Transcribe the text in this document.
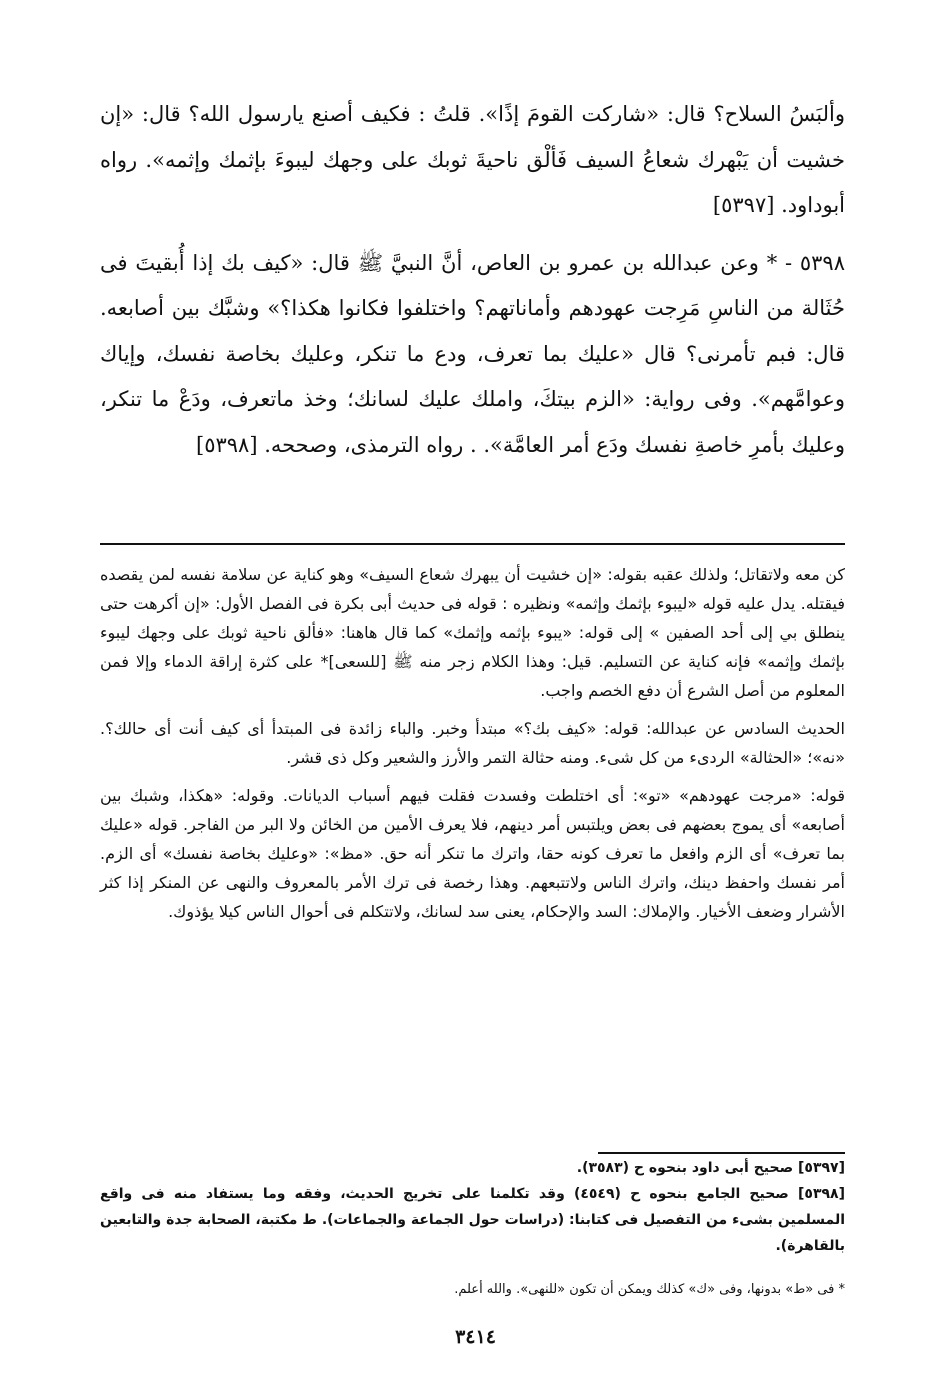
وألبَسُ السلاح؟ قال: «شاركت القومَ إذًا». قلتُ : فكيف أصنع يارسول الله؟ قال: «إن خشيت أن يَبْهرك شعاعُ السيف فَألْق ناحيةَ ثوبك على وجهك ليبوءَ بإثمك وإثمه». رواه أبوداود. [٥٣٩٧]

٥٣٩٨ - * وعن عبدالله بن عمرو بن العاص، أنَّ النبيَّ ﷺ قال: «كيف بك إذا أُبقيتَ فى حُثَالة من الناسِ مَرِجت عهودهم وأماناتهم؟ واختلفوا فكانوا هكذا؟» وشبَّك بين أصابعه. قال: فبم تأمرنى؟ قال «عليك بما تعرف، ودع ما تنكر، وعليك بخاصة نفسك، وإياك وعوامَّهم». وفى رواية: «الزم بيتكَ، واملك عليك لسانك؛ وخذ ماتعرف، ودَعْ ما تنكر، وعليك بأمرِ خاصةِ نفسك ودَع أمر العامَّة». . رواه الترمذى، وصححه. [٥٣٩٨]

كن معه ولاتقاتل؛ ولذلك عقبه بقوله: «إن خشيت أن يبهرك شعاع السيف» وهو كناية عن سلامة نفسه لمن يقصده فيقتله. يدل عليه قوله «ليبوء بإثمك وإثمه» ونظيره : قوله فى حديث أبى بكرة فى الفصل الأول: «إن أكرهت حتى ينطلق بي إلى أحد الصفين » إلى قوله: «يبوء بإثمه وإثمك» كما قال هاهنا: «فألق ناحية ثوبك على وجهك ليبوء بإثمك وإثمه» فإنه كناية عن التسليم. قيل: وهذا الكلام زجر منه ﷺ [للسعى]* على كثرة إراقة الدماء وإلا فمن المعلوم من أصل الشرع أن دفع الخصم واجب.

الحديث السادس عن عبدالله: قوله: «كيف بك؟» مبتدأ وخبر. والباء زائدة فى المبتدأ أى كيف أنت أى حالك؟. «نه»؛ «الحثالة» الردىء من كل شىء. ومنه حثالة التمر والأرز والشعير وكل ذى قشر.

قوله: «مرجت عهودهم» «تو»: أى اختلطت وفسدت فقلت فيهم أسباب الديانات. وقوله: «هكذا، وشبك بين أصابعه» أى يموج بعضهم فى بعض ويلتبس أمر دينهم، فلا يعرف الأمين من الخائن ولا البر من الفاجر. قوله «عليك بما تعرف» أى الزم وافعل ما تعرف كونه حقا، واترك ما تنكر أنه حق. «مظ»: «وعليك بخاصة نفسك» أى الزم. أمر نفسك واحفظ دينك، واترك الناس ولاتتبعهم. وهذا رخصة فى ترك الأمر بالمعروف والنهى عن المنكر إذا كثر الأشرار وضعف الأخيار. والإملاك: السد والإحكام، يعنى سد لسانك، ولاتتكلم فى أحوال الناس كيلا يؤذوك.

[٥٣٩٧] صحيح أبى داود بنحوه ح (٣٥٨٣).

[٥٣٩٨] صحيح الجامع بنحوه ح (٤٥٤٩) وقد تكلمنا على تخريج الحديث، وفقه وما يستفاد منه فى واقع المسلمين بشىء من التفصيل فى كتابنا: (دراسات حول الجماعة والجماعات). ط مكتبة، الصحابة جدة والتابعين بالقاهرة).

* فى «ط» بدونها، وفى «ك» كذلك ويمكن أن تكون «للنهى». والله أعلم.
٣٤١٤
